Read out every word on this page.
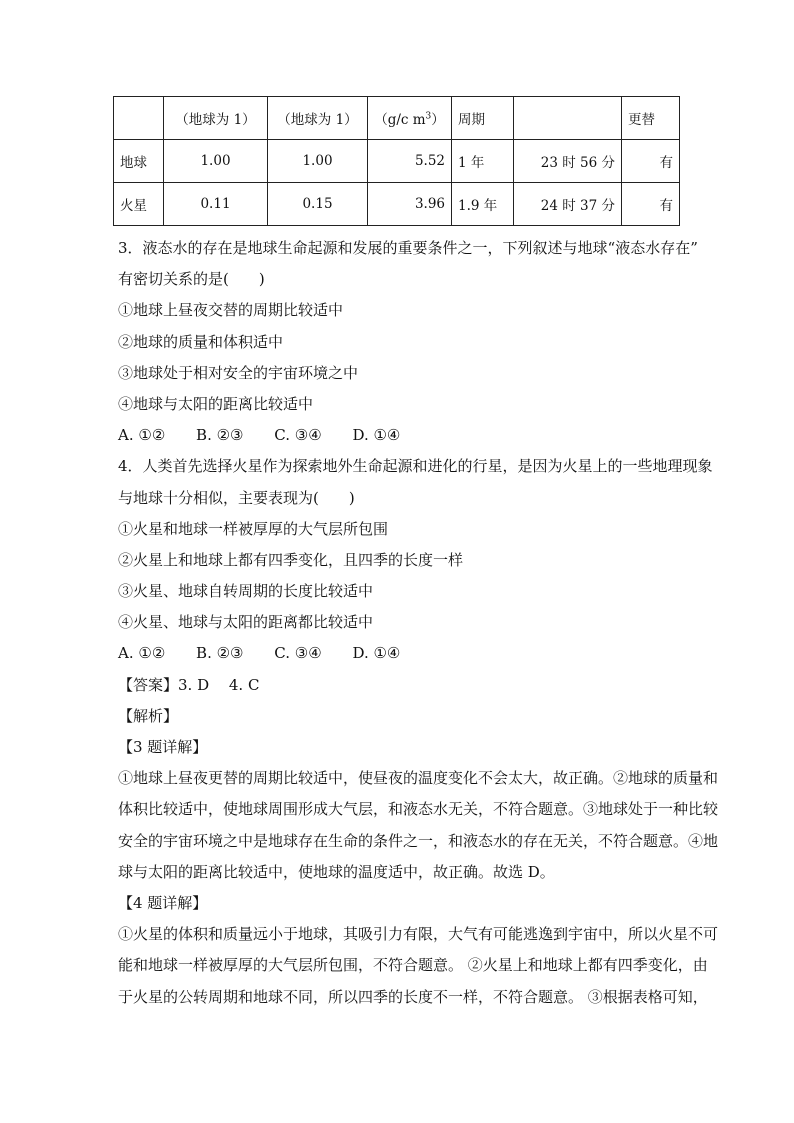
	（地球为 1）	（地球为 1）	（g/c $m^3$）	周期		更替
地球	1.00	1.00	5.52	1 年	23 时 56 分	有
火星	0.11	0.15	3.96	1.9 年	24 时 37 分	有
3．液态水的存在是地球生命起源和发展的重要条件之一，下列叙述与地球“液态水存在”
有密切关系的是(　　)
①地球上昼夜交替的周期比较适中
②地球的质量和体积适中
③地球处于相对安全的宇宙环境之中
④地球与太阳的距离比较适中
A. ①② B. ②③ C. ③④ D. ①④
4．人类首先选择火星作为探索地外生命起源和进化的行星，是因为火星上的一些地理现象
与地球十分相似，主要表现为(　　)
①火星和地球一样被厚厚的大气层所包围
②火星上和地球上都有四季变化，且四季的长度一样
③火星、地球自转周期的长度比较适中
④火星、地球与太阳的距离都比较适中
A. ①② B. ②③ C. ③④ D. ①④
【答案】3. D　 4. C
【解析】
【3 题详解】
①地球上昼夜更替的周期比较适中，使昼夜的温度变化不会太大，故正确。②地球的质量和
体积比较适中，使地球周围形成大气层，和液态水无关，不符合题意。③地球处于一种比较
安全的宇宙环境之中是地球存在生命的条件之一，和液态水的存在无关，不符合题意。④地
球与太阳的距离比较适中，使地球的温度适中，故正确。故选 D。
【4 题详解】
①火星的体积和质量远小于地球，其吸引力有限，大气有可能逃逸到宇宙中，所以火星不可
能和地球一样被厚厚的大气层所包围，不符合题意。 ②火星上和地球上都有四季变化，由
于火星的公转周期和地球不同，所以四季的长度不一样，不符合题意。 ③根据表格可知，
